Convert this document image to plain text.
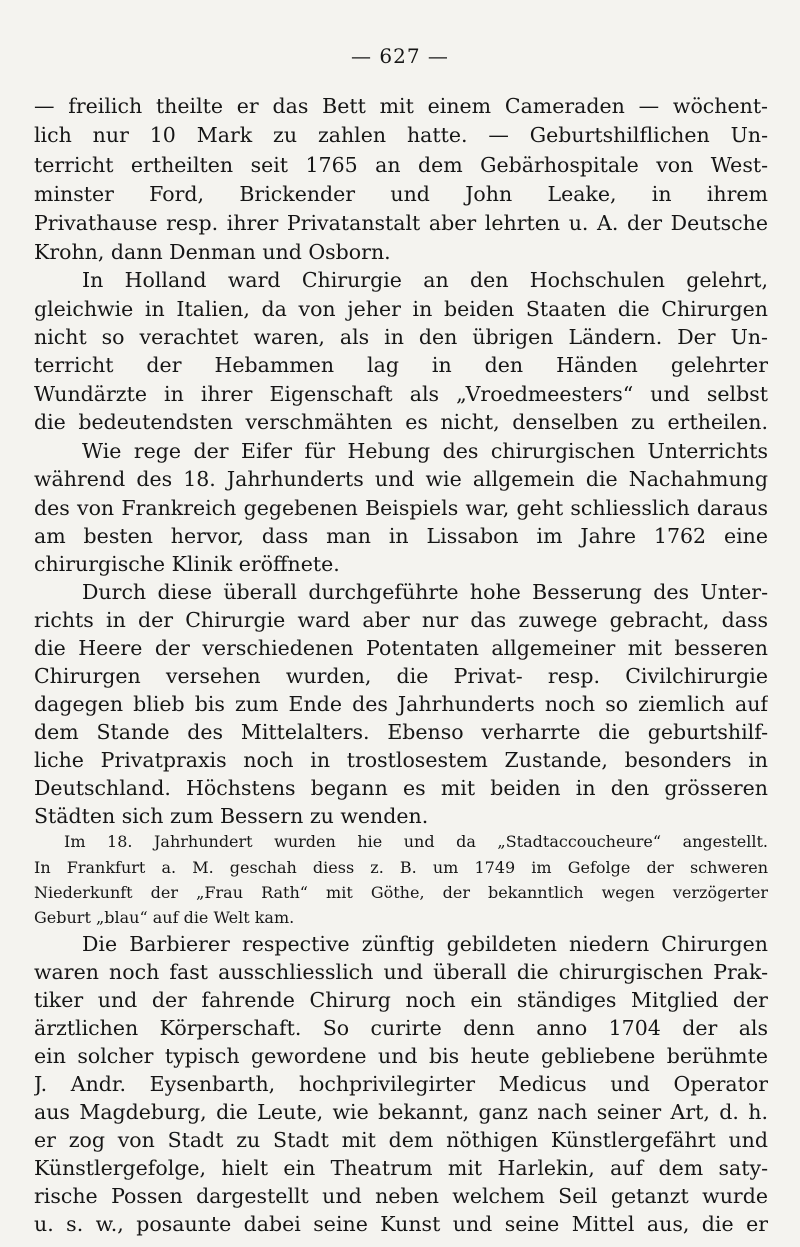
— 627 —
— freilich theilte er das Bett mit einem Cameraden — wöchent-
lich nur 10 Mark zu zahlen hatte. — Geburtshilflichen Un-
terricht ertheilten seit 1765 an dem Gebärhospitale von West-
minster Ford, Brickender und John Leake, in ihrem
Privathause resp. ihrer Privatanstalt aber lehrten u. A. der Deutsche
Krohn, dann Denman und Osborn.
In Holland ward Chirurgie an den Hochschulen gelehrt,
gleichwie in Italien, da von jeher in beiden Staaten die Chirurgen
nicht so verachtet waren, als in den übrigen Ländern. Der Un-
terricht der Hebammen lag in den Händen gelehrter
Wundärzte in ihrer Eigenschaft als „Vroedmeesters“ und selbst
die bedeutendsten verschmähten es nicht, denselben zu ertheilen.
Wie rege der Eifer für Hebung des chirurgischen Unterrichts
während des 18. Jahrhunderts und wie allgemein die Nachahmung
des von Frankreich gegebenen Beispiels war, geht schliesslich daraus
am besten hervor, dass man in Lissabon im Jahre 1762 eine
chirurgische Klinik eröffnete.
Durch diese überall durchgeführte hohe Besserung des Unter-
richts in der Chirurgie ward aber nur das zuwege gebracht, dass
die Heere der verschiedenen Potentaten allgemeiner mit besseren
Chirurgen versehen wurden, die Privat- resp. Civilchirurgie
dagegen blieb bis zum Ende des Jahrhunderts noch so ziemlich auf
dem Stande des Mittelalters. Ebenso verharrte die geburtshilf-
liche Privatpraxis noch in trostlosestem Zustande, besonders in
Deutschland. Höchstens begann es mit beiden in den grösseren
Städten sich zum Bessern zu wenden.
Im 18. Jahrhundert wurden hie und da „Stadtaccoucheure“ angestellt.
In Frankfurt a. M. geschah diess z. B. um 1749 im Gefolge der schweren
Niederkunft der „Frau Rath“ mit Göthe, der bekanntlich wegen verzögerter
Geburt „blau“ auf die Welt kam.
Die Barbierer respective zünftig gebildeten niedern Chirurgen
waren noch fast ausschliesslich und überall die chirurgischen Prak-
tiker und der fahrende Chirurg noch ein ständiges Mitglied der
ärztlichen Körperschaft. So curirte denn anno 1704 der als
ein solcher typisch gewordene und bis heute gebliebene berühmte
J. Andr. Eysenbarth, hochprivilegirter Medicus und Operator
aus Magdeburg, die Leute, wie bekannt, ganz nach seiner Art, d. h.
er zog von Stadt zu Stadt mit dem nöthigen Künstlergefährt und
Künstlergefolge, hielt ein Theatrum mit Harlekin, auf dem saty-
rische Possen dargestellt und neben welchem Seil getanzt wurde
u. s. w., posaunte dabei seine Kunst und seine Mittel aus, die er
